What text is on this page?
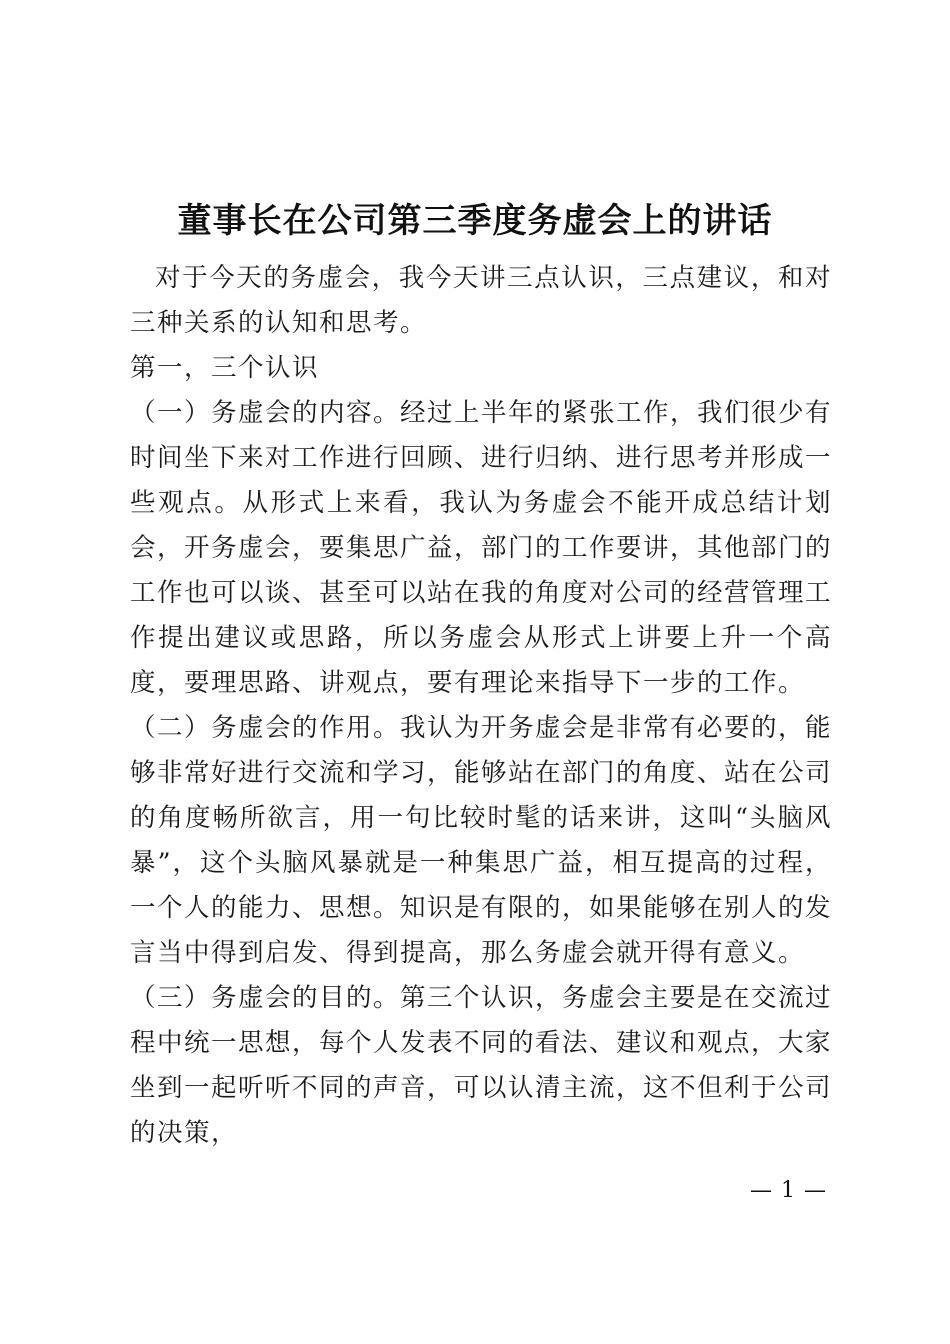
董事长在公司第三季度务虚会上的讲话

对于今天的务虚会，我今天讲三点认识，三点建议，和对三种关系的认知和思考。

第一，三个认识

（一）务虚会的内容。经过上半年的紧张工作，我们很少有时间坐下来对工作进行回顾、进行归纳、进行思考并形成一些观点。从形式上来看，我认为务虚会不能开成总结计划会，开务虚会，要集思广益，部门的工作要讲，其他部门的工作也可以谈、甚至可以站在我的角度对公司的经营管理工作提出建议或思路，所以务虚会从形式上讲要上升一个高度，要理思路、讲观点，要有理论来指导下一步的工作。

（二）务虚会的作用。我认为开务虚会是非常有必要的，能够非常好进行交流和学习，能够站在部门的角度、站在公司的角度畅所欲言，用一句比较时髦的话来讲，这叫“头脑风暴”，这个头脑风暴就是一种集思广益，相互提高的过程，一个人的能力、思想。知识是有限的，如果能够在别人的发言当中得到启发、得到提高，那么务虚会就开得有意义。

（三）务虚会的目的。第三个认识，务虚会主要是在交流过程中统一思想，每个人发表不同的看法、建议和观点，大家坐到一起听听不同的声音，可以认清主流，这不但利于公司的决策，

— 1 —
